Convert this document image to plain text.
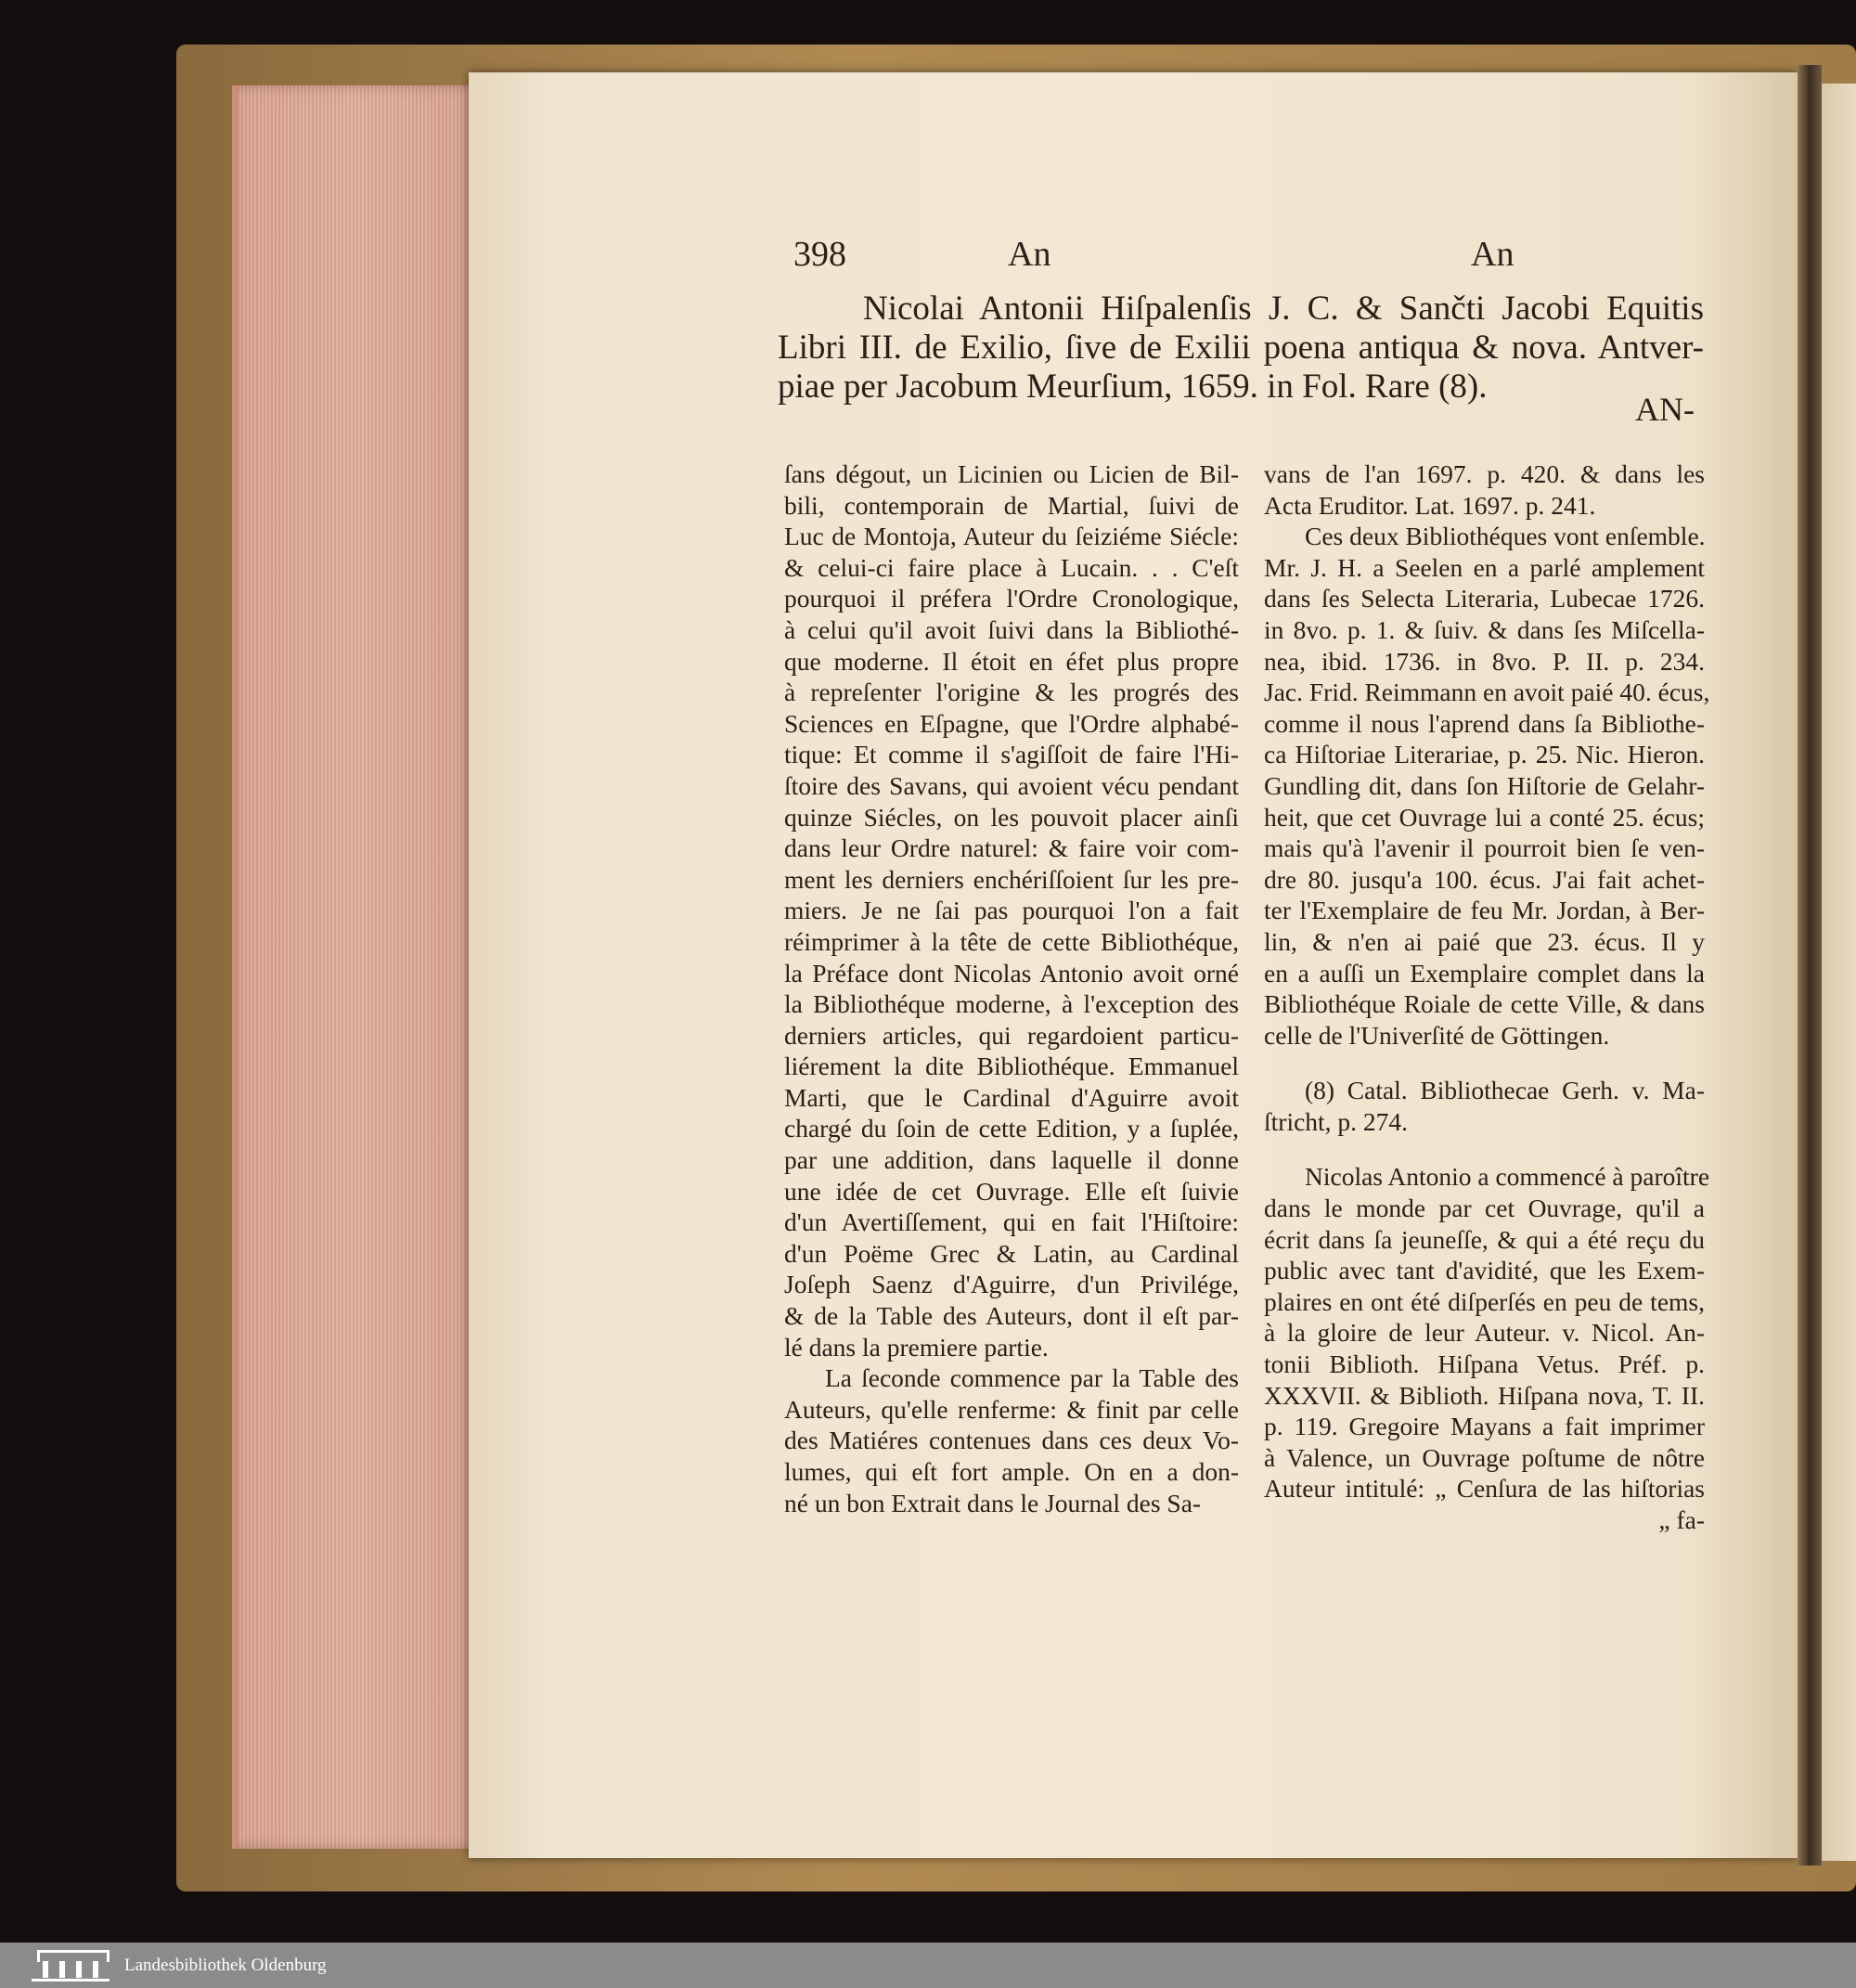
398	An	An
Nicolai Antonii Hiſpalenſis J. C. & Sančti Jacobi Equitis
Libri III. de Exilio, ſive de Exilii poena antiqua & nova. Antver-
piae per Jacobum Meurſium, 1659. in Fol. Rare (8).
AN-
ſans dégout, un Licinien ou Licien de Bil-
bili, contemporain de Martial, ſuivi de
Luc de Montoja, Auteur du ſeiziéme Siécle:
& celui-ci faire place à Lucain. . . C'eſt
pourquoi il préfera l'Ordre Cronologique,
à celui qu'il avoit ſuivi dans la Bibliothé-
que moderne. Il étoit en éfet plus propre
à repreſenter l'origine & les progrés des
Sciences en Eſpagne, que l'Ordre alphabé-
tique: Et comme il s'agiſſoit de faire l'Hi-
ſtoire des Savans, qui avoient vécu pendant
quinze Siécles, on les pouvoit placer ainſi
dans leur Ordre naturel: & faire voir com-
ment les derniers enchériſſoient ſur les pre-
miers. Je ne ſai pas pourquoi l'on a fait
réimprimer à la tête de cette Bibliothéque,
la Préface dont Nicolas Antonio avoit orné
la Bibliothéque moderne, à l'exception des
derniers articles, qui regardoient particu-
liérement la dite Bibliothéque. Emmanuel
Marti, que le Cardinal d'Aguirre avoit
chargé du ſoin de cette Edition, y a ſuplée,
par une addition, dans laquelle il donne
une idée de cet Ouvrage. Elle eſt ſuivie
d'un Avertiſſement, qui en fait l'Hiſtoire:
d'un Poëme Grec & Latin, au Cardinal
Joſeph Saenz d'Aguirre, d'un Privilége,
& de la Table des Auteurs, dont il eſt par-
lé dans la premiere partie.
La ſeconde commence par la Table des
Auteurs, qu'elle renferme: & finit par celle
des Matiéres contenues dans ces deux Vo-
lumes, qui eſt fort ample. On en a don-
né un bon Extrait dans le Journal des Sa-
vans de l'an 1697. p. 420. & dans les
Acta Eruditor. Lat. 1697. p. 241.
Ces deux Bibliothéques vont enſemble.
Mr. J. H. a Seelen en a parlé amplement
dans ſes Selecta Literaria, Lubecae 1726.
in 8vo. p. 1. & ſuiv. & dans ſes Miſcella-
nea, ibid. 1736. in 8vo. P. II. p. 234.
Jac. Frid. Reimmann en avoit paié 40. écus,
comme il nous l'aprend dans ſa Bibliothe-
ca Hiſtoriae Literariae, p. 25. Nic. Hieron.
Gundling dit, dans ſon Hiſtorie de Gelahr-
heit, que cet Ouvrage lui a conté 25. écus;
mais qu'à l'avenir il pourroit bien ſe ven-
dre 80. jusqu'a 100. écus. J'ai fait achet-
ter l'Exemplaire de feu Mr. Jordan, à Ber-
lin, & n'en ai paié que 23. écus. Il y
en a auſſi un Exemplaire complet dans la
Bibliothéque Roiale de cette Ville, & dans
celle de l'Univerſité de Göttingen.
(8) Catal. Bibliothecae Gerh. v. Ma-
ſtricht, p. 274.
Nicolas Antonio a commencé à paroître
dans le monde par cet Ouvrage, qu'il a
écrit dans ſa jeuneſſe, & qui a été reçu du
public avec tant d'avidité, que les Exem-
plaires en ont été diſperſés en peu de tems,
à la gloire de leur Auteur. v. Nicol. An-
tonii Biblioth. Hiſpana Vetus. Préf. p.
XXXVII. & Biblioth. Hiſpana nova, T. II.
p. 119. Gregoire Mayans a fait imprimer
à Valence, un Ouvrage poſtume de nôtre
Auteur intitulé: „ Cenſura de las hiſtorias
„ fa-
Landesbibliothek Oldenburg
